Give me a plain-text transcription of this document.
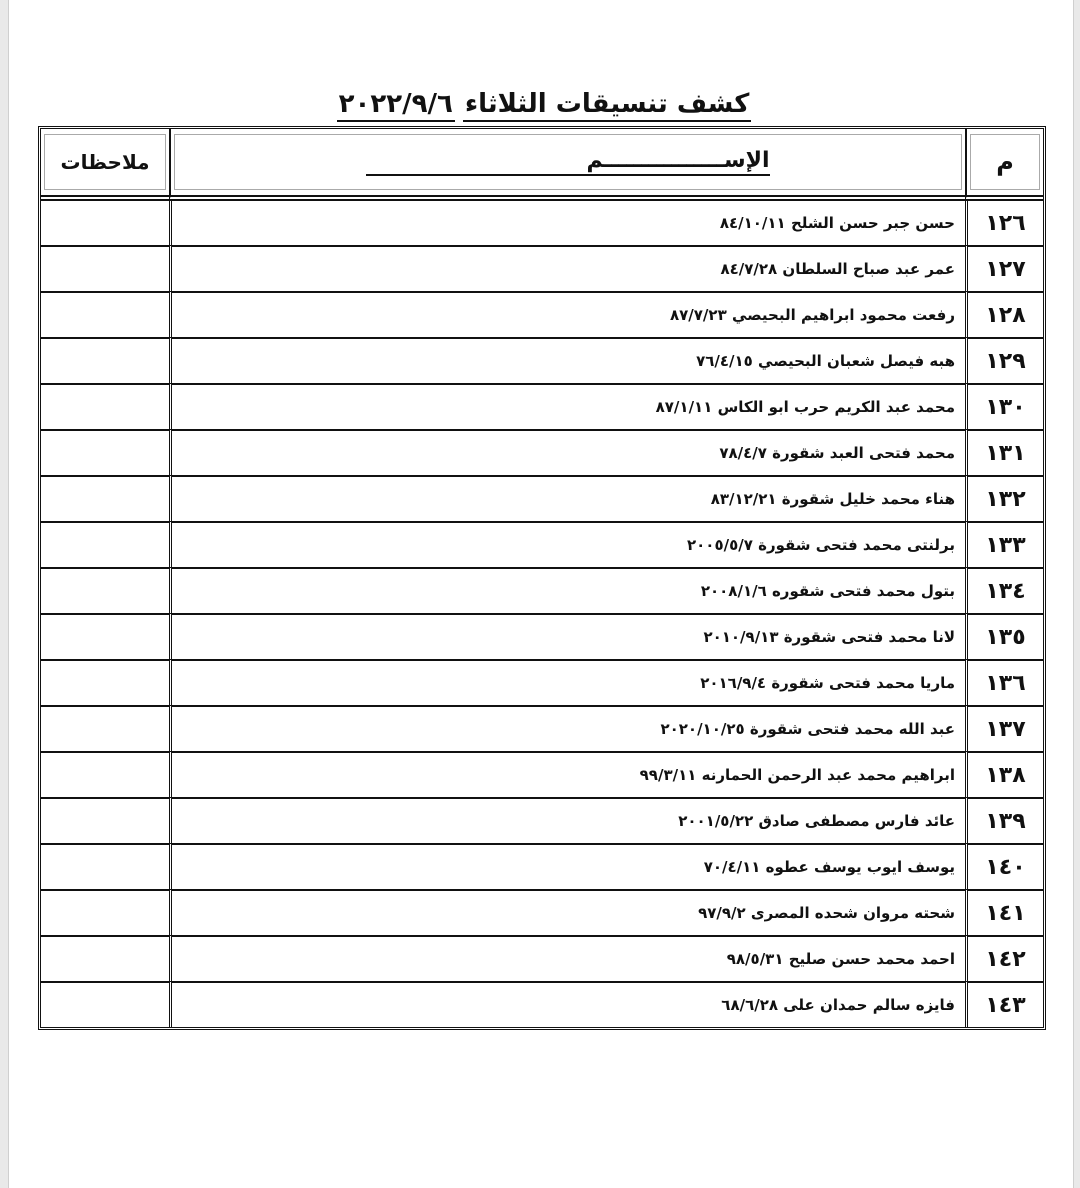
كشف تنسيقات الثلاثاء٢٠٢٢/٩/٦
م	الإســــــــــــــــم	ملاحظات

١٢٦	حسن جبر حسن الشلح ٨٤/١٠/١١	
١٢٧	عمر عبد صباح السلطان ٨٤/٧/٢٨	
١٢٨	رفعت محمود ابراهيم البحيصي ٨٧/٧/٢٣	
١٢٩	هبه فيصل شعبان البحيصي ٧٦/٤/١٥	
١٣٠	محمد عبد الكريم حرب ابو الكاس ٨٧/١/١١	
١٣١	محمد فتحى العبد شقورة ٧٨/٤/٧	
١٣٢	هناء محمد خليل شقورة ٨٣/١٢/٢١	
١٣٣	برلنتى محمد فتحى شقورة ٢٠٠٥/٥/٧	
١٣٤	بتول محمد فتحى شقوره ٢٠٠٨/١/٦	
١٣٥	لانا محمد فتحى شقورة ٢٠١٠/٩/١٣	
١٣٦	ماريا محمد فتحى شقورة ٢٠١٦/٩/٤	
١٣٧	عبد الله محمد فتحى شقورة ٢٠٢٠/١٠/٢٥	
١٣٨	ابراهيم محمد عبد الرحمن الحمارنه ٩٩/٣/١١	
١٣٩	عائد فارس مصطفى صادق ٢٠٠١/٥/٢٢	
١٤٠	يوسف ايوب يوسف عطوه ٧٠/٤/١١	
١٤١	شحته مروان شحده المصرى ٩٧/٩/٢	
١٤٢	احمد محمد حسن صليح ٩٨/٥/٣١	
١٤٣	فايزه سالم حمدان على ٦٨/٦/٢٨	
